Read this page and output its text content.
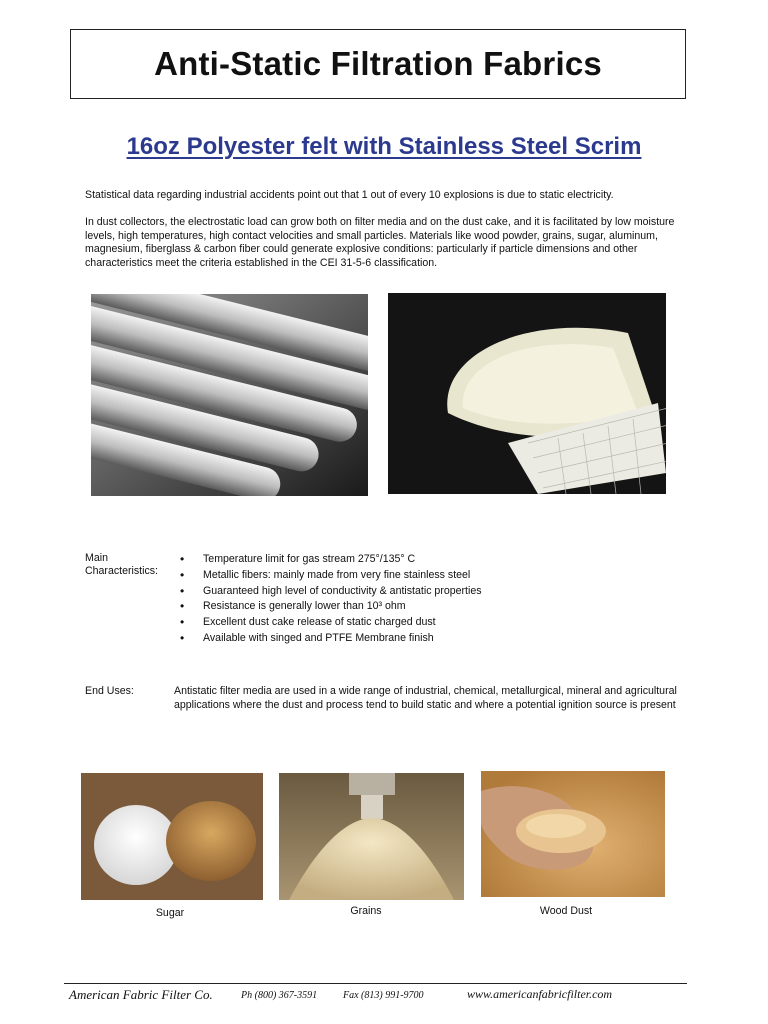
Anti-Static Filtration Fabrics
16oz Polyester felt with Stainless Steel Scrim
Statistical data regarding industrial accidents point out that 1 out of every 10 explosions is due to static electricity.
In dust collectors, the electrostatic load can grow both on filter media and on the dust cake, and it is facilitated by low moisture levels, high temperatures, high contact velocities and small particles. Materials like wood powder, grains, sugar, aluminum, magnesium, fiberglass & carbon fiber could generate explosive conditions: particularly if particle dimensions and other characteristics meet the criteria established in the CEI 31-5-6 classification.
Main Characteristics:
• Temperature limit for gas stream 275°/135° C
• Metallic fibers: mainly made from very fine stainless steel
• Guaranteed high level of conductivity & antistatic properties
• Resistance is generally lower than 10³ ohm
• Excellent dust cake release of static charged dust
• Available with singed and PTFE Membrane finish
End Uses:	Antistatic filter media are used in a wide range of industrial, chemical, metallurgical, mineral and agricultural applications where the dust and process tend to build static and where a potential ignition source is present
Sugar	Grains	Wood Dust
American Fabric Filter Co.	Ph (800) 367-3591	Fax (813) 991-9700	www.americanfabricfilter.com
